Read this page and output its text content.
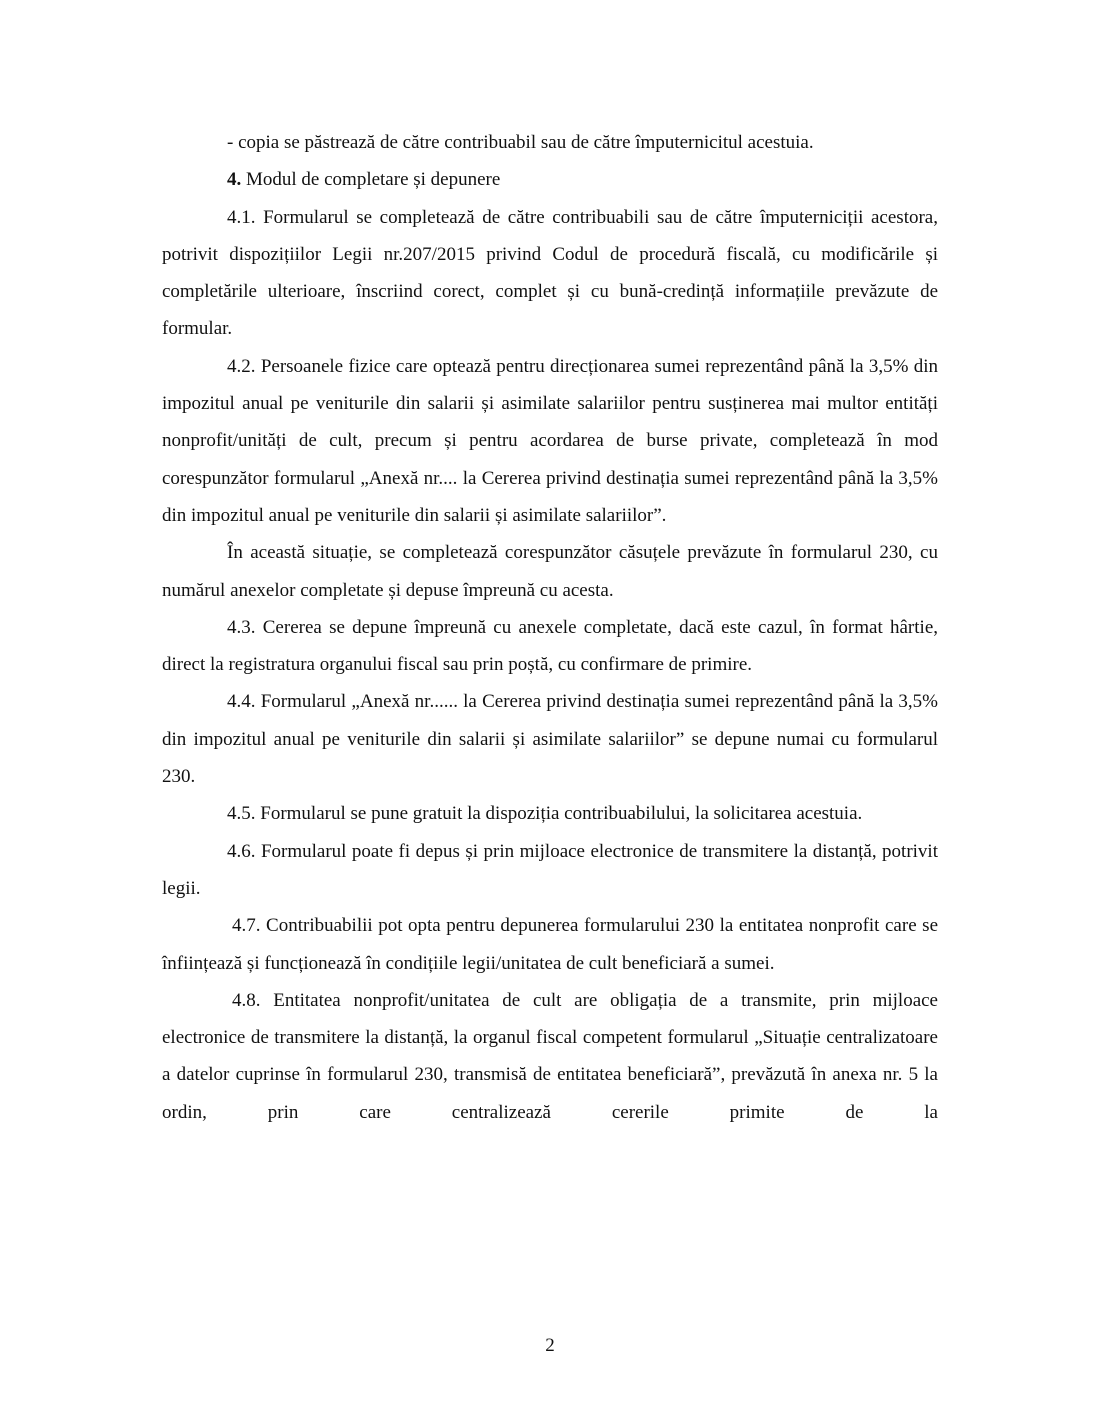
- copia se păstrează de către contribuabil sau de către împuternicitul acestuia.

4. Modul de completare și depunere

4.1. Formularul se completează de către contribuabili sau de către împuterniciții acestora, potrivit dispozițiilor Legii nr.207/2015 privind Codul de procedură fiscală, cu modificările și completările ulterioare, înscriind corect, complet și cu bună-credință informațiile prevăzute de formular.

4.2. Persoanele fizice care optează pentru direcționarea sumei reprezentând până la 3,5% din impozitul anual pe veniturile din salarii și asimilate salariilor pentru susținerea mai multor entități nonprofit/unități de cult, precum și pentru acordarea de burse private, completează în mod corespunzător formularul „Anexă nr.... la Cererea privind destinația sumei reprezentând până la 3,5% din impozitul anual pe veniturile din salarii și asimilate salariilor”.

În această situație, se completează corespunzător căsuțele prevăzute în formularul 230, cu numărul anexelor completate și depuse împreună cu acesta.

4.3. Cererea se depune împreună cu anexele completate, dacă este cazul, în format hârtie, direct la registratura organului fiscal sau prin poștă, cu confirmare de primire.

4.4. Formularul „Anexă nr...... la Cererea privind destinația sumei reprezentând până la 3,5% din impozitul anual pe veniturile din salarii și asimilate salariilor” se depune numai cu formularul 230.

4.5. Formularul se pune gratuit la dispoziția contribuabilului, la solicitarea acestuia.

4.6. Formularul poate fi depus și prin mijloace electronice de transmitere la distanță, potrivit legii.

4.7. Contribuabilii pot opta pentru depunerea formularului 230 la entitatea nonprofit care se înființează și funcționează în condițiile legii/unitatea de cult beneficiară a sumei.

4.8. Entitatea nonprofit/unitatea de cult are obligația de a transmite, prin mijloace electronice de transmitere la distanță, la organul fiscal competent formularul „Situație centralizatoare a datelor cuprinse în formularul 230, transmisă de entitatea beneficiară”, prevăzută în anexa nr. 5 la ordin, prin care centralizează cererile primite de la

2
